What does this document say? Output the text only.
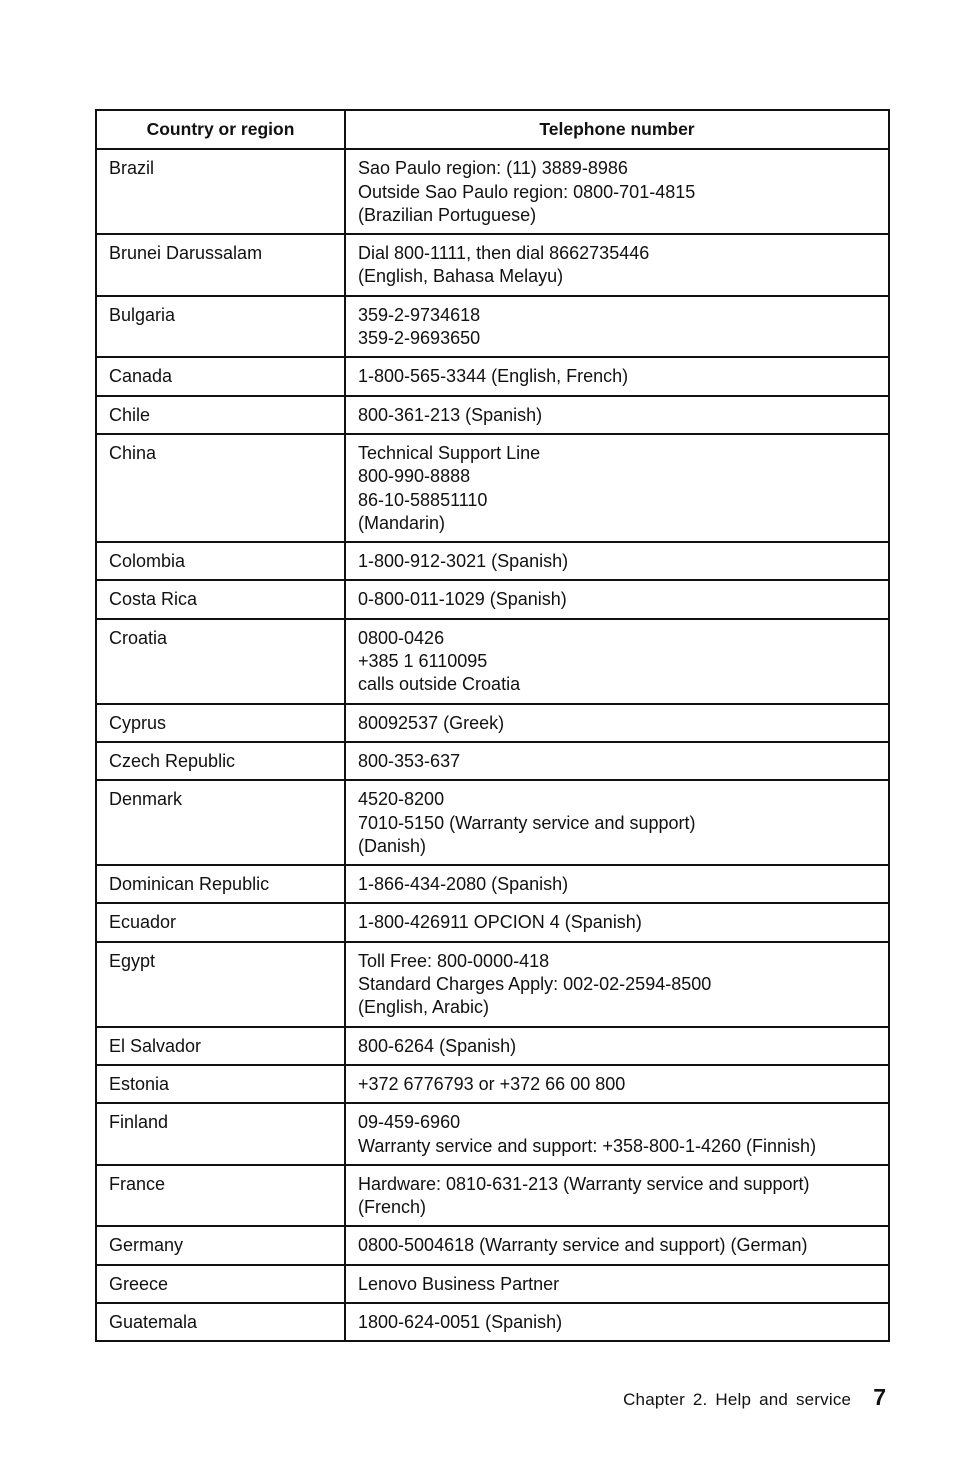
Country or region	Telephone number
Brazil	Sao Paulo region: (11) 3889-8986
Outside Sao Paulo region: 0800-701-4815
(Brazilian Portuguese)

Brunei Darussalam	Dial 800-1111, then dial 8662735446
(English, Bahasa Melayu)

Bulgaria	359-2-9734618
359-2-9693650

Canada	1-800-565-3344 (English, French)

Chile	800-361-213 (Spanish)

China	Technical Support Line
800-990-8888
86-10-58851110
(Mandarin)

Colombia	1-800-912-3021 (Spanish)

Costa Rica	0-800-011-1029 (Spanish)

Croatia	0800-0426
+385 1 6110095
calls outside Croatia

Cyprus	80092537 (Greek)

Czech Republic	800-353-637

Denmark	4520-8200
7010-5150 (Warranty service and support)
(Danish)

Dominican Republic	1-866-434-2080 (Spanish)

Ecuador	1-800-426911 OPCION 4 (Spanish)

Egypt	Toll Free: 800-0000-418
Standard Charges Apply: 002-02-2594-8500
(English, Arabic)

El Salvador	800-6264 (Spanish)

Estonia	+372 6776793 or +372 66 00 800

Finland	09-459-6960
Warranty service and support: +358-800-1-4260 (Finnish)

France	Hardware: 0810-631-213 (Warranty service and support)
(French)

Germany	0800-5004618 (Warranty service and support) (German)

Greece	Lenovo Business Partner

Guatemala	1800-624-0051 (Spanish)
Chapter 2. Help and service 7
